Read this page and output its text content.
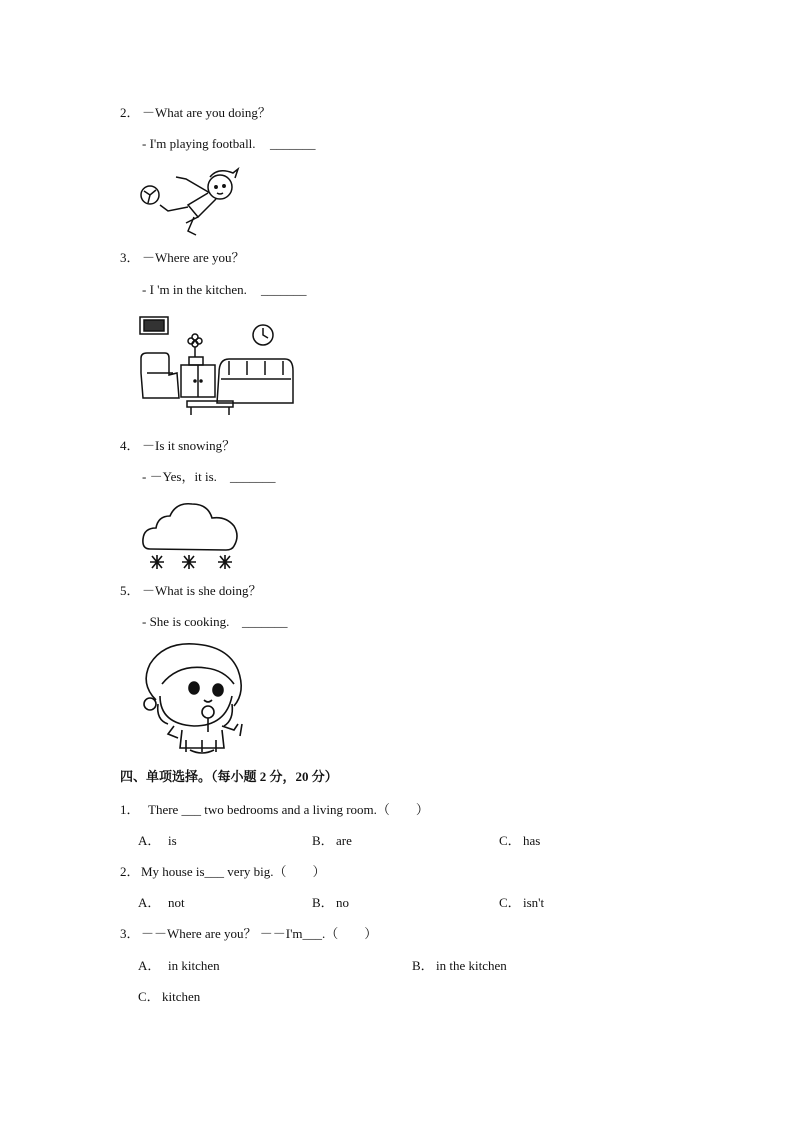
2． －What are you doing？
- I'm playing football. _______
3． －Where are you？
- I 'm in the kitchen. _______
4． －Is it snowing？
- －Yes，it is. _______
5． －What is she doing？
- She is cooking. _______
四、单项选择。（每小题 2 分，20 分）
1． There ___ two bedrooms and a living room.（　　）
A． is	B． are	C． has
2． My house is___ very big.（　　）
A． not	B． no	C． isn't
3． －－Where are you？ －－I'm___.（　　）
A． in kitchen	B． in the kitchen
C． kitchen
